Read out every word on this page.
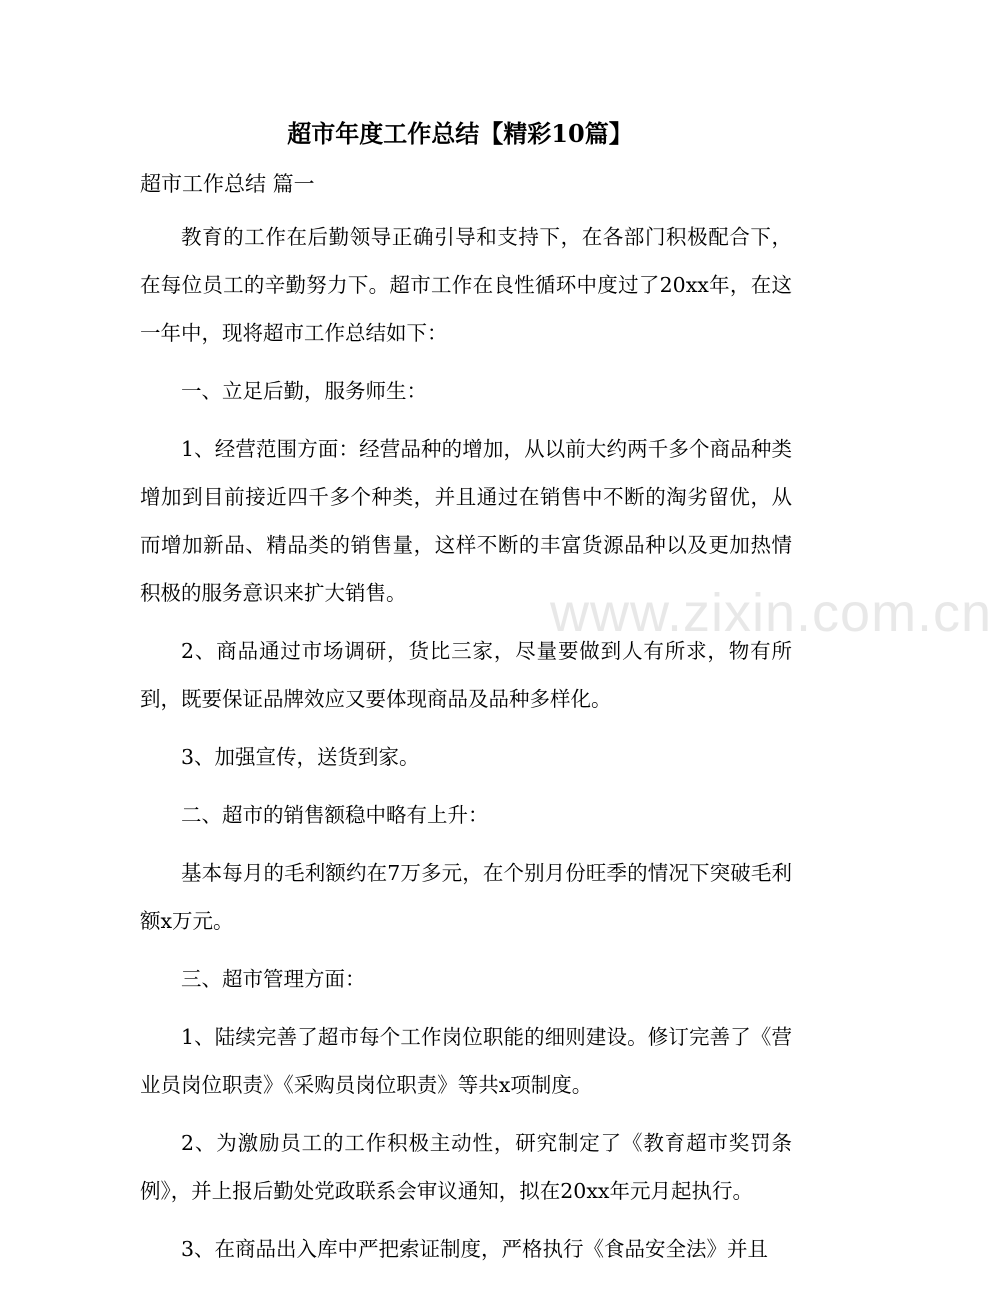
超市年度工作总结【精彩10篇】

超市工作总结 篇一

教育的工作在后勤领导正确引导和支持下，在各部门积极配合下，在每位员工的辛勤努力下。超市工作在良性循环中度过了20xx年，在这一年中，现将超市工作总结如下：

一、立足后勤，服务师生：

1、经营范围方面：经营品种的增加，从以前大约两千多个商品种类增加到目前接近四千多个种类，并且通过在销售中不断的淘劣留优，从而增加新品、精品类的销售量，这样不断的丰富货源品种以及更加热情积极的服务意识来扩大销售。

2、商品通过市场调研，货比三家，尽量要做到人有所求，物有所到，既要保证品牌效应又要体现商品及品种多样化。

3、加强宣传，送货到家。

二、超市的销售额稳中略有上升：

基本每月的毛利额约在7万多元，在个别月份旺季的情况下突破毛利额x万元。

三、超市管理方面：

1、陆续完善了超市每个工作岗位职能的细则建设。修订完善了《营业员岗位职责》《采购员岗位职责》等共x项制度。

2、为激励员工的工作积极主动性，研究制定了《教育超市奖罚条例》，并上报后勤处党政联系会审议通知，拟在20xx年元月起执行。

3、在商品出入库中严把索证制度，严格执行《食品安全法》并且

www.zixin.com.cn
